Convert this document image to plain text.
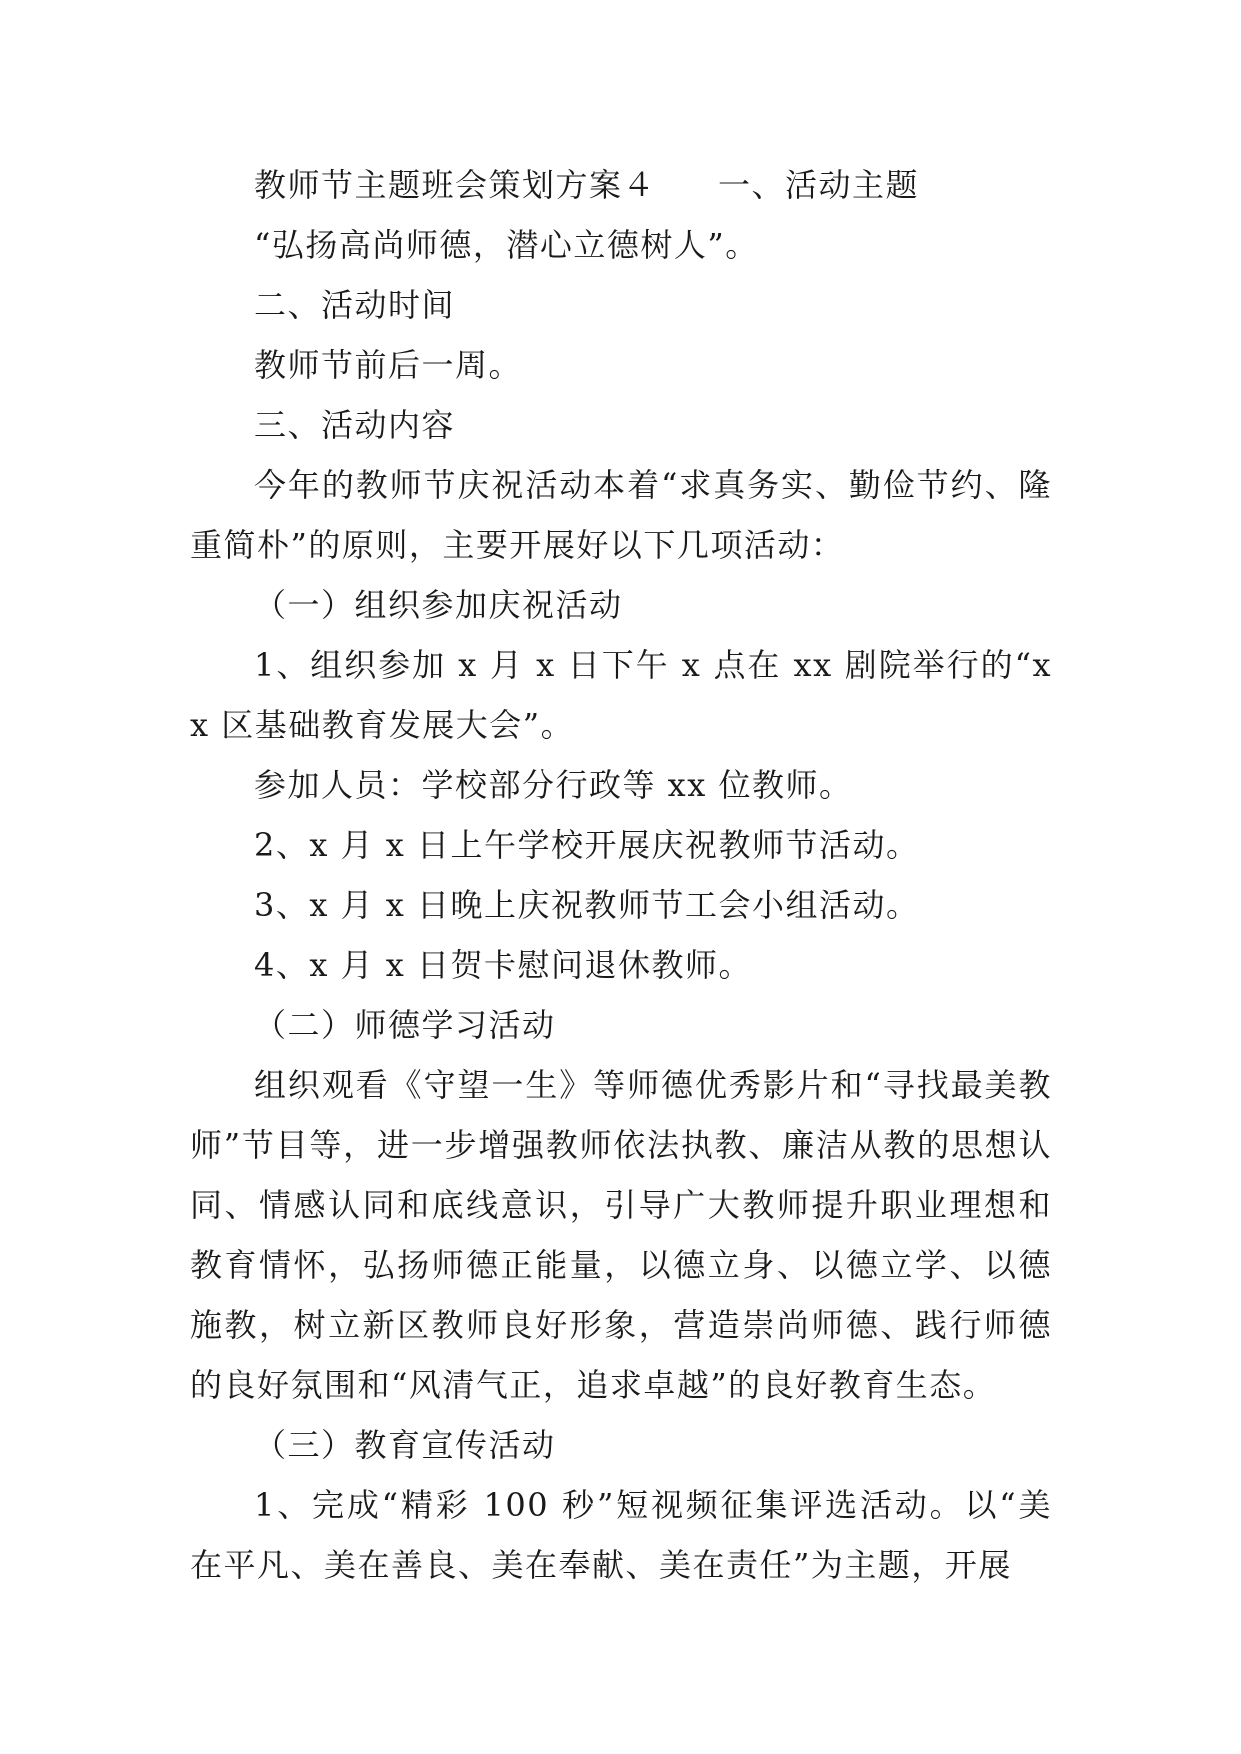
教师节主题班会策划方案４ 一、活动主题

“弘扬高尚师德，潜心立德树人”。

二、活动时间

教师节前后一周。

三、活动内容

今年的教师节庆祝活动本着“求真务实、勤俭节约、隆重简朴”的原则，主要开展好以下几项活动：

（一）组织参加庆祝活动

1、组织参加 x 月 x 日下午 x 点在 xx 剧院举行的“xx 区基础教育发展大会”。

参加人员：学校部分行政等 xx 位教师。

2、x 月 x 日上午学校开展庆祝教师节活动。

3、x 月 x 日晚上庆祝教师节工会小组活动。

4、x 月 x 日贺卡慰问退休教师。

（二）师德学习活动

组织观看《守望一生》等师德优秀影片和“寻找最美教师”节目等，进一步增强教师依法执教、廉洁从教的思想认同、情感认同和底线意识，引导广大教师提升职业理想和教育情怀，弘扬师德正能量，以德立身、以德立学、以德施教，树立新区教师良好形象，营造崇尚师德、践行师德的良好氛围和“风清气正，追求卓越”的良好教育生态。

（三）教育宣传活动

1、完成“精彩 100 秒”短视频征集评选活动。以“美在平凡、美在善良、美在奉献、美在责任”为主题，开展
